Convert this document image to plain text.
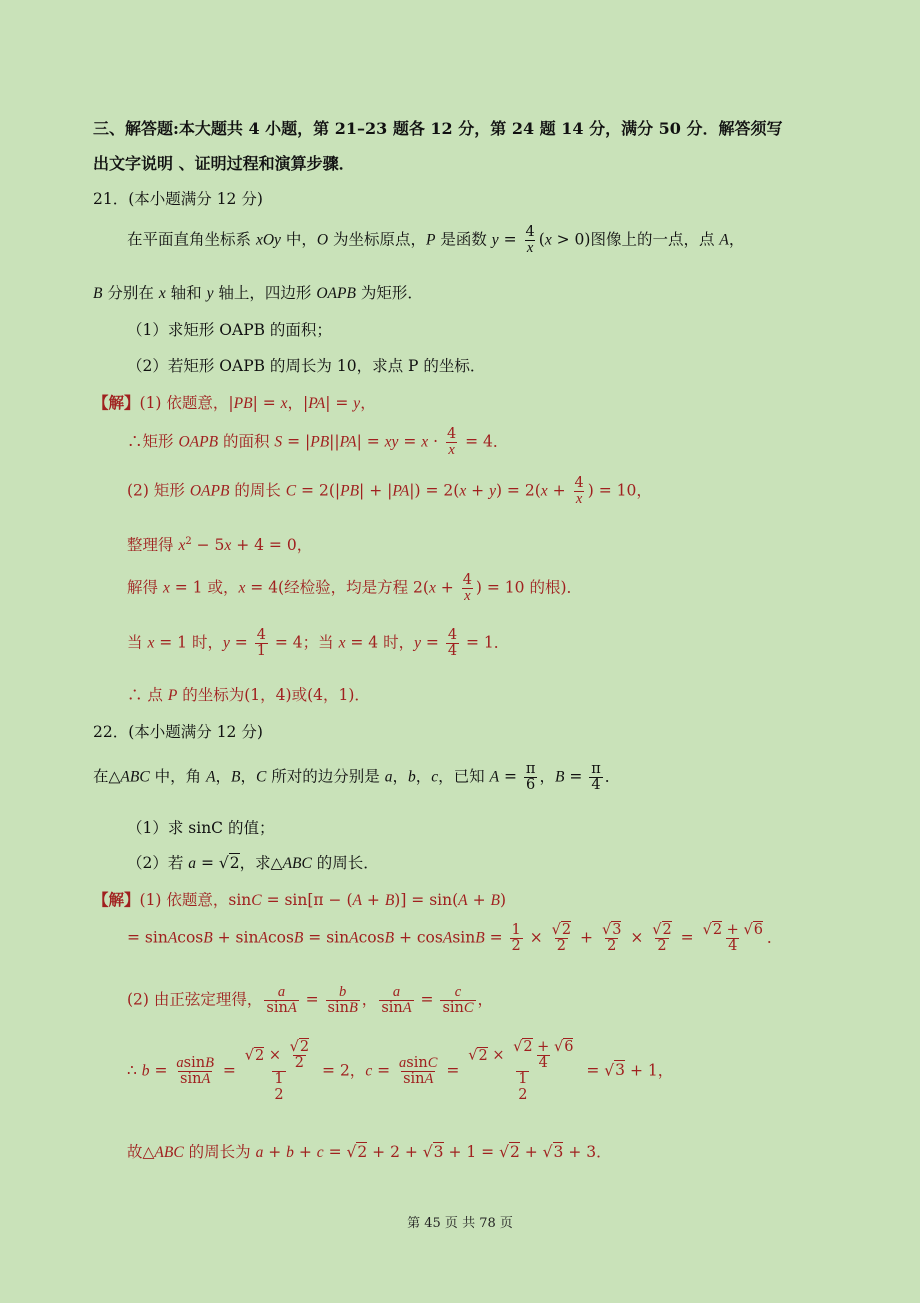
三、解答题:本大题共 4 小题，第 21–23 题各 12 分，第 24 题 14 分，满分 50 分．解答须写
出文字说明 、证明过程和演算步骤．
21．(本小题满分 12 分)
在平面直角坐标系 xOy 中，O 为坐标原点，P 是函数 $y = \frac{4}{x} (x > 0)$图像上的一点，点 A，
B 分别在 x 轴和 y 轴上，四边形 OAPB 为矩形．
（1）求矩形 OAPB 的面积；
（2）若矩形 OAPB 的周长为 10，求点 P 的坐标．
【解】(1) 依题意，|PB| = x，|PA| = y，
∴矩形 OAPB 的面积 S = |PB||PA| = xy = $x \cdot \frac{4}{x} = 4$．
(2) 矩形 OAPB 的周长 $C = 2(|PB| + |PA|) = 2(x + y) = 2(x + \frac{4}{x}$ ) = 10，
整理得 $x^2 - 5x + 4 = 0$，
解得 x = 1 或，x = 4(经检验，均是方程 $2(x + \frac{4}{x}$ ) = 10 的根)．
当 x = 1 时，$y = \frac{4}{1} = 4$；当 x = 4 时，$y = \frac{4}{4} = 1$．
∴ 点 P 的坐标为(1，4)或(4，1)．
22．(本小题满分 12 分)
在△ABC 中，角 A，B，C 所对的边分别是 a，b，c，已知 $A = \frac{\pi}{6}$ ，$B = \frac{\pi}{4}$ ．
（1）求 sinC 的值；
（2）若 a = √2，求△ABC 的周长．
【解】(1) 依题意，sinC = sin[π − (A + B)] = sin(A + B)
= sinAcosB + sinAcosB = sinAcosB + cosAsinB = $\frac{1}{2} \times \frac{√2}{2} + \frac{√3}{2} \times \frac{√2}{2} = \frac{√2 + √6}{4}$ ．
(2) 由正弦定理得， $\frac{a}{\sin A} = \frac{b}{\sin B}$ ， $\frac{a}{\sin A} = \frac{c}{\sin C}$ ，
∴ $b = \frac{asinB}{\sin A}$ =
$√2 \times \frac{√2}{2}$
1
2
= 2，$c = \frac{asinC}{\sin A}$ =
$√2 \times \frac{√2 + √6}{4}$
1
2
= √3 + 1，
故△ABC 的周长为 a + b + c = √2 + 2 + √3 + 1 = √2 + √3 + 3．
第 45 页 共 78 页
